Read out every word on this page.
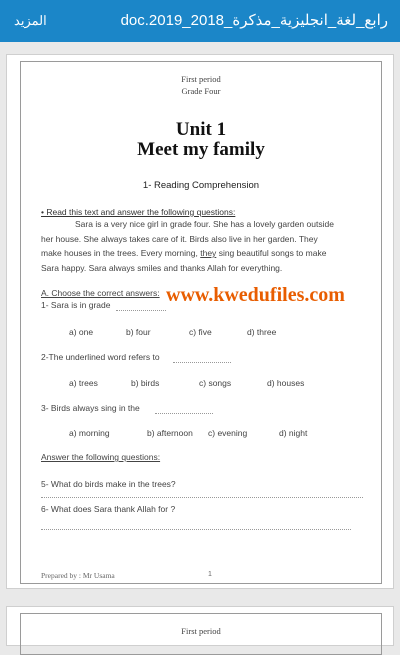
المزيد	رابع_لغة_انجليزية_مذكرة_2018_2019.doc
First period
Grade Four
Unit 1
Meet my family
1- Reading Comprehension
• Read this text and answer the following questions:
Sara is a very nice girl in grade four. She has a lovely garden outside
her house. She always takes care of it. Birds also live in her garden. They
make houses in the trees. Every morning, they sing beautiful songs to make
Sara happy. Sara always smiles and thanks Allah for everything.
A. Choose the correct answers:
1- Sara is in grade
a) one	b) four	c) five	d) three
2-The underlined word refers to
a) trees	b) birds	c) songs	d) houses
3- Birds always sing in the
a) morning	b) afternoon c) evening	d) night
Answer the following questions:
5- What do birds make in the trees?
6- What does Sara thank Allah for ?
Prepared by : Mr Usama	1
www.kwedufiles.com
First period
